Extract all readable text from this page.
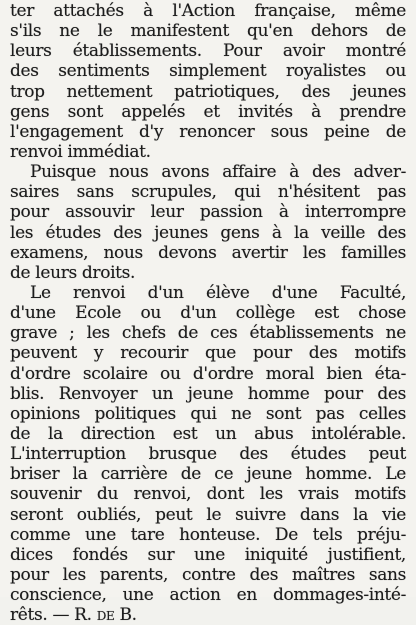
ter attachés à l'Action française, même
s'ils ne le manifestent qu'en dehors de
leurs établissements. Pour avoir montré
des sentiments simplement royalistes ou
trop nettement patriotiques, des jeunes
gens sont appelés et invités à prendre
l'engagement d'y renoncer sous peine de
renvoi immédiat.
Puisque nous avons affaire à des adver-
saires sans scrupules, qui n'hésitent pas
pour assouvir leur passion à interrompre
les études des jeunes gens à la veille des
examens, nous devons avertir les familles
de leurs droits.
Le renvoi d'un élève d'une Faculté,
d'une Ecole ou d'un collège est chose
grave ; les chefs de ces établissements ne
peuvent y recourir que pour des motifs
d'ordre scolaire ou d'ordre moral bien éta-
blis. Renvoyer un jeune homme pour des
opinions politiques qui ne sont pas celles
de la direction est un abus intolérable.
L'interruption brusque des études peut
briser la carrière de ce jeune homme. Le
souvenir du renvoi, dont les vrais motifs
seront oubliés, peut le suivre dans la vie
comme une tare honteuse. De tels préju-
dices fondés sur une iniquité justifient,
pour les parents, contre des maîtres sans
conscience, une action en dommages-inté-
rêts. — R. de B.
